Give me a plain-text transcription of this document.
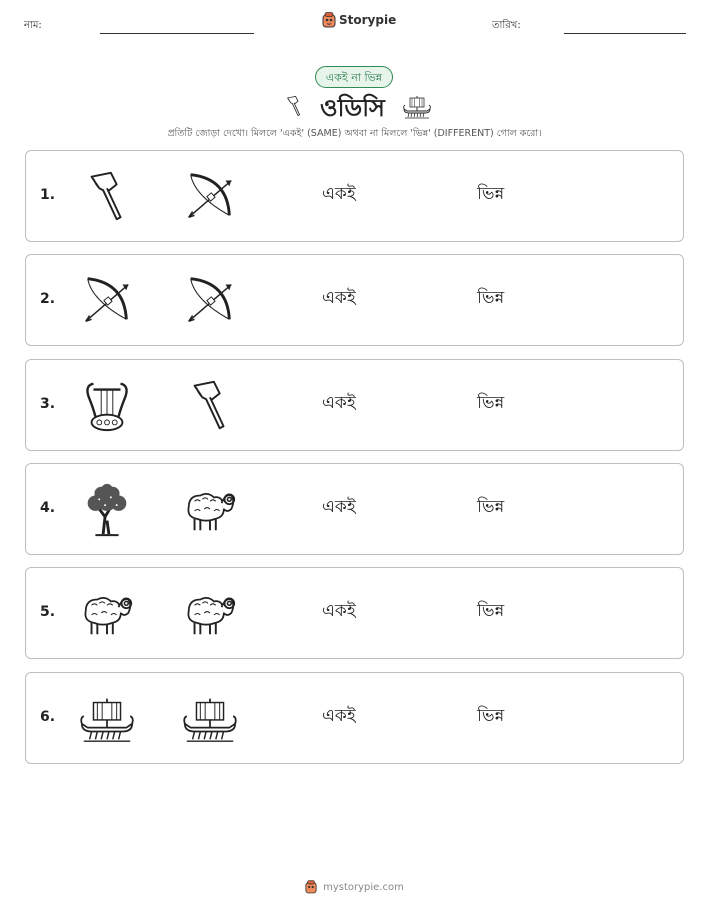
নাম:	Storypie	তারিখ:
একই না ভিন্ন
ওডিসি
প্রতিটি জোড়া দেখো। মিললে 'একই' (SAME) অথবা না মিললে 'ভিন্ন' (DIFFERENT) গোল করো।
1.	একই	ভিন্ন
2.	একই	ভিন্ন
3.	একই	ভিন্ন
4.	একই	ভিন্ন
5.	একই	ভিন্ন
6.	একই	ভিন্ন
mystorypie.com
